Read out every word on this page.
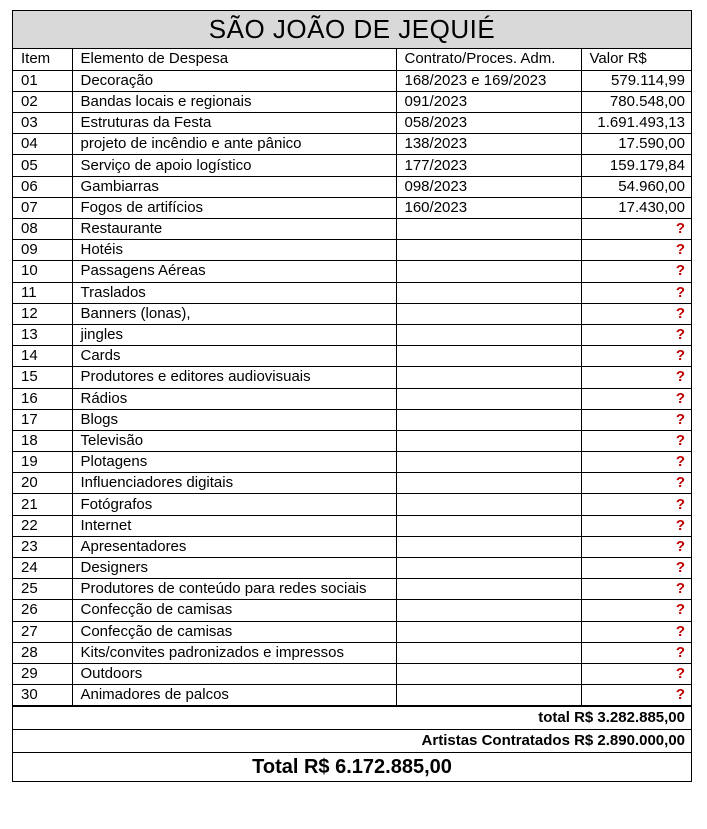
SÃO JOÃO DE JEQUIÉ
Item	Elemento de Despesa	Contrato/Proces. Adm.	Valor R$
01	Decoração	168/2023 e 169/2023	579.114,99
02	Bandas locais e regionais	091/2023	780.548,00
03	Estruturas da Festa	058/2023	1.691.493,13
04	projeto de incêndio e ante pânico	138/2023	17.590,00
05	Serviço de apoio logístico	177/2023	159.179,84
06	Gambiarras	098/2023	54.960,00
07	Fogos de artifícios	160/2023	17.430,00
08	Restaurante		?
09	Hotéis		?
10	Passagens Aéreas		?
11	Traslados		?
12	Banners (lonas),		?
13	jingles		?
14	Cards		?
15	Produtores e editores audiovisuais		?
16	Rádios		?
17	Blogs		?
18	Televisão		?
19	Plotagens		?
20	Influenciadores digitais		?
21	Fotógrafos		?
22	Internet		?
23	Apresentadores		?
24	Designers		?
25	Produtores de conteúdo para redes sociais		?
26	Confecção de camisas		?
27	Confecção de camisas		?
28	Kits/convites padronizados e impressos		?
29	Outdoors		?
30	Animadores de palcos		?
total R$ 3.282.885,00
Artistas Contratados R$ 2.890.000,00
Total R$ 6.172.885,00
